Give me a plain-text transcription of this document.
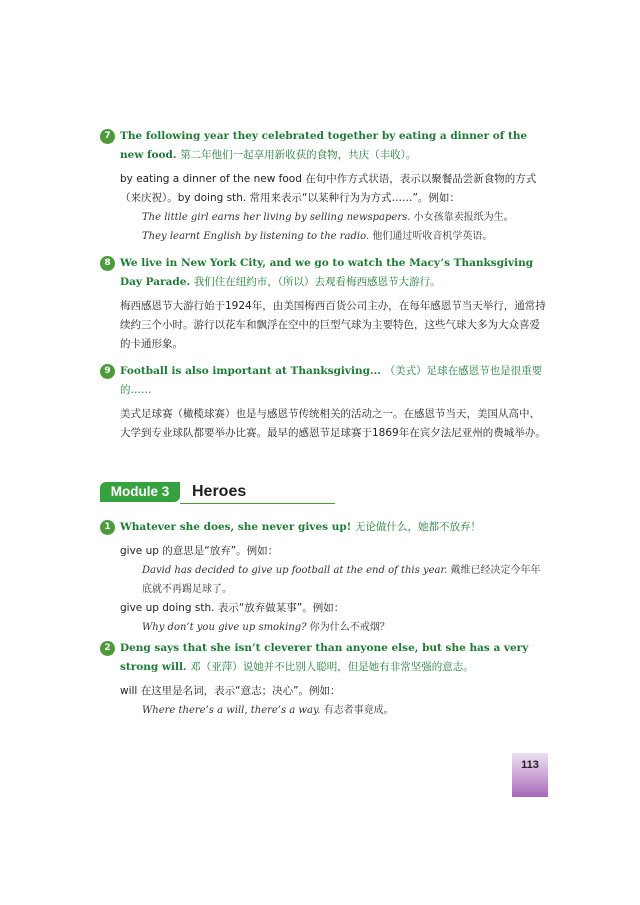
7 The following year they celebrated together by eating a dinner of the new food. 第二年他们一起享用新收获的食物，共庆（丰收）。
by eating a dinner of the new food 在句中作方式状语，表示以聚餐品尝新食物的方式（来庆祝）。by doing sth. 常用来表示“以某种行为为方式……”。例如：
The little girl earns her living by selling newspapers. 小女孩靠卖报纸为生。
They learnt English by listening to the radio. 他们通过听收音机学英语。
8 We live in New York City, and we go to watch the Macy’s Thanksgiving Day Parade. 我们住在纽约市，（所以）去观看梅西感恩节大游行。
梅西感恩节大游行始于1924年，由美国梅西百货公司主办，在每年感恩节当天举行，通常持续约三个小时。游行以花车和飘浮在空中的巨型气球为主要特色，这些气球大多为大众喜爱的卡通形象。
9 Football is also important at Thanksgiving... （美式）足球在感恩节也是很重要的……
美式足球赛（橄榄球赛）也是与感恩节传统相关的活动之一。在感恩节当天，美国从高中、大学到专业球队都要举办比赛。最早的感恩节足球赛于1869年在宾夕法尼亚州的费城举办。
Module 3	Heroes
1 Whatever she does, she never gives up! 无论做什么，她都不放弃！
give up 的意思是“放弃”。例如：
David has decided to give up football at the end of this year. 戴维已经决定今年年底就不再踢足球了。
give up doing sth. 表示“放弃做某事”。例如：
Why don’t you give up smoking? 你为什么不戒烟？
2 Deng says that she isn’t cleverer than anyone else, but she has a very strong will. 邓（亚萍）说她并不比别人聪明，但是她有非常坚强的意志。
will 在这里是名词，表示“意志；决心”。例如：
Where there’s a will, there’s a way. 有志者事竟成。
113
